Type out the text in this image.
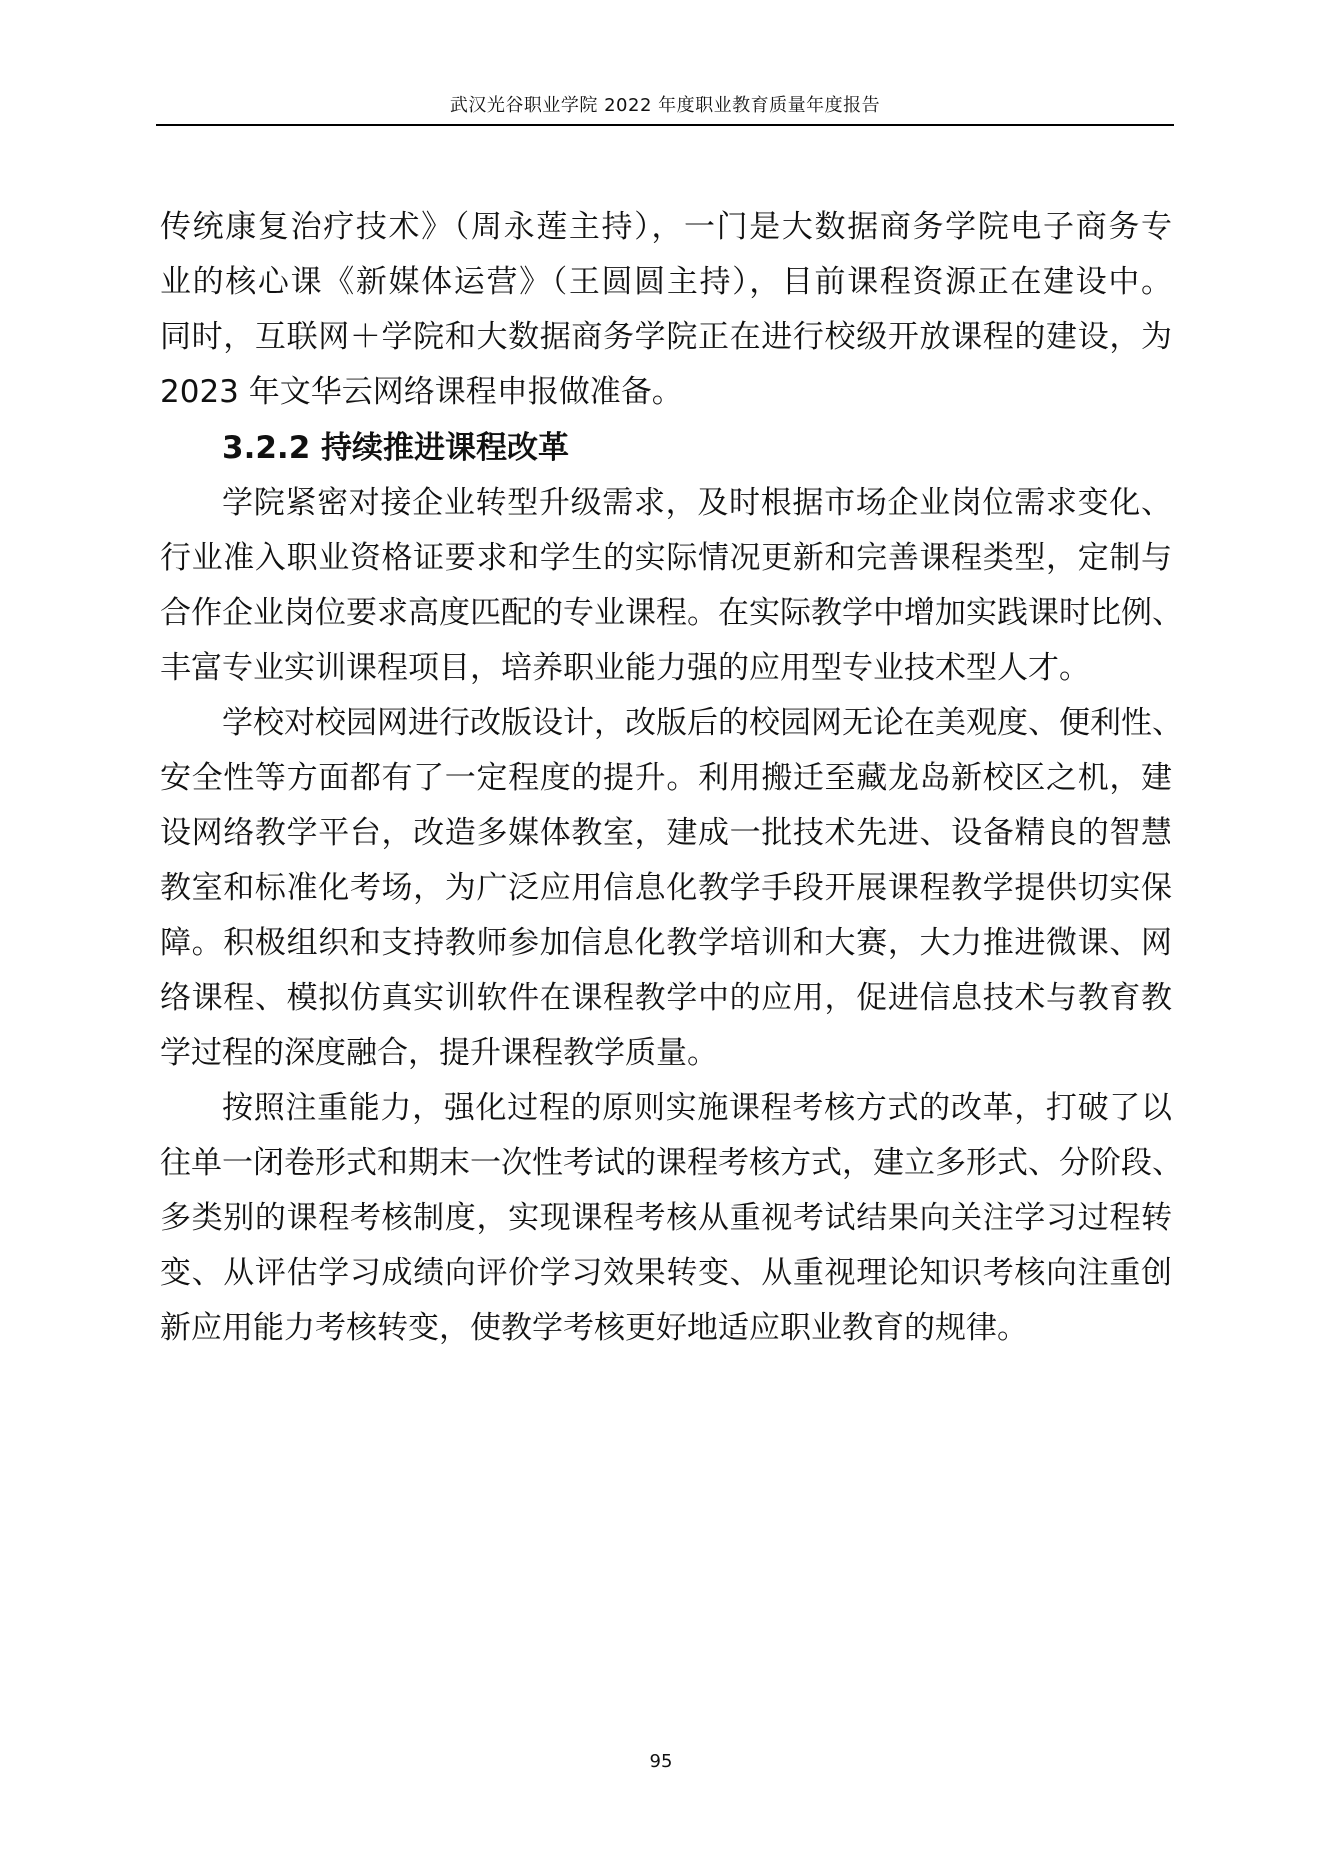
武汉光谷职业学院 2022 年度职业教育质量年度报告
传统康复治疗技术》（周永莲主持），一门是大数据商务学院电子商务专
业的核心课《新媒体运营》（王圆圆主持），目前课程资源正在建设中。
同时，互联网＋学院和大数据商务学院正在进行校级开放课程的建设，为
2023 年文华云网络课程申报做准备。
3.2.2 持续推进课程改革
学院紧密对接企业转型升级需求，及时根据市场企业岗位需求变化、
行业准入职业资格证要求和学生的实际情况更新和完善课程类型，定制与
合作企业岗位要求高度匹配的专业课程。在实际教学中增加实践课时比例、
丰富专业实训课程项目，培养职业能力强的应用型专业技术型人才。
学校对校园网进行改版设计，改版后的校园网无论在美观度、便利性、
安全性等方面都有了一定程度的提升。利用搬迁至藏龙岛新校区之机，建
设网络教学平台，改造多媒体教室，建成一批技术先进、设备精良的智慧
教室和标准化考场，为广泛应用信息化教学手段开展课程教学提供切实保
障。积极组织和支持教师参加信息化教学培训和大赛，大力推进微课、网
络课程、模拟仿真实训软件在课程教学中的应用，促进信息技术与教育教
学过程的深度融合，提升课程教学质量。
按照注重能力，强化过程的原则实施课程考核方式的改革，打破了以
往单一闭卷形式和期末一次性考试的课程考核方式，建立多形式、分阶段、
多类别的课程考核制度，实现课程考核从重视考试结果向关注学习过程转
变、从评估学习成绩向评价学习效果转变、从重视理论知识考核向注重创
新应用能力考核转变，使教学考核更好地适应职业教育的规律。
95
